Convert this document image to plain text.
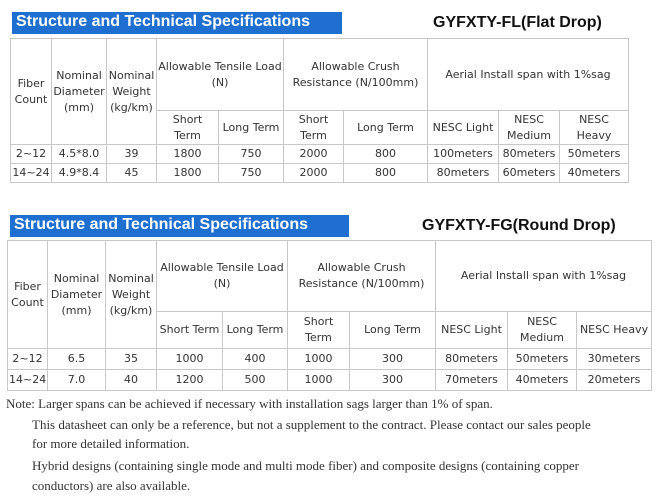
Structure and Technical Specifications	GYFXTY-FL(Flat Drop)
Fiber Count	Nominal Diameter (mm)	Nominal Weight (kg/km)	Allowable Tensile Load (N)		Allowable Crush Resistance (N/100mm)		Aerial Install span with 1%sag		
			Short Term	Long Term	Short Term	Long Term	NESC Light	NESC Medium	NESC Heavy
2~12	4.5*8.0	39	1800	750	2000	800	100meters	80meters	50meters
14~24	4.9*8.4	45	1800	750	2000	800	80meters	60meters	40meters
Structure and Technical Specifications	GYFXTY-FG(Round Drop)
Fiber Count	Nominal Diameter (mm)	Nominal Weight (kg/km)	Allowable Tensile Load (N)		Allowable Crush Resistance (N/100mm)		Aerial Install span with 1%sag		
			Short Term	Long Term	Short Term	Long Term	NESC Light	NESC Medium	NESC Heavy
2~12	6.5	35	1000	400	1000	300	80meters	50meters	30meters
14~24	7.0	40	1200	500	1000	300	70meters	40meters	20meters
Note: Larger spans can be achieved if necessary with installation sags larger than 1% of span.
This datasheet can only be a reference, but not a supplement to the contract. Please contact our sales people
for more detailed information.
Hybrid designs (containing single mode and multi mode fiber) and composite designs (containing copper
conductors) are also available.
